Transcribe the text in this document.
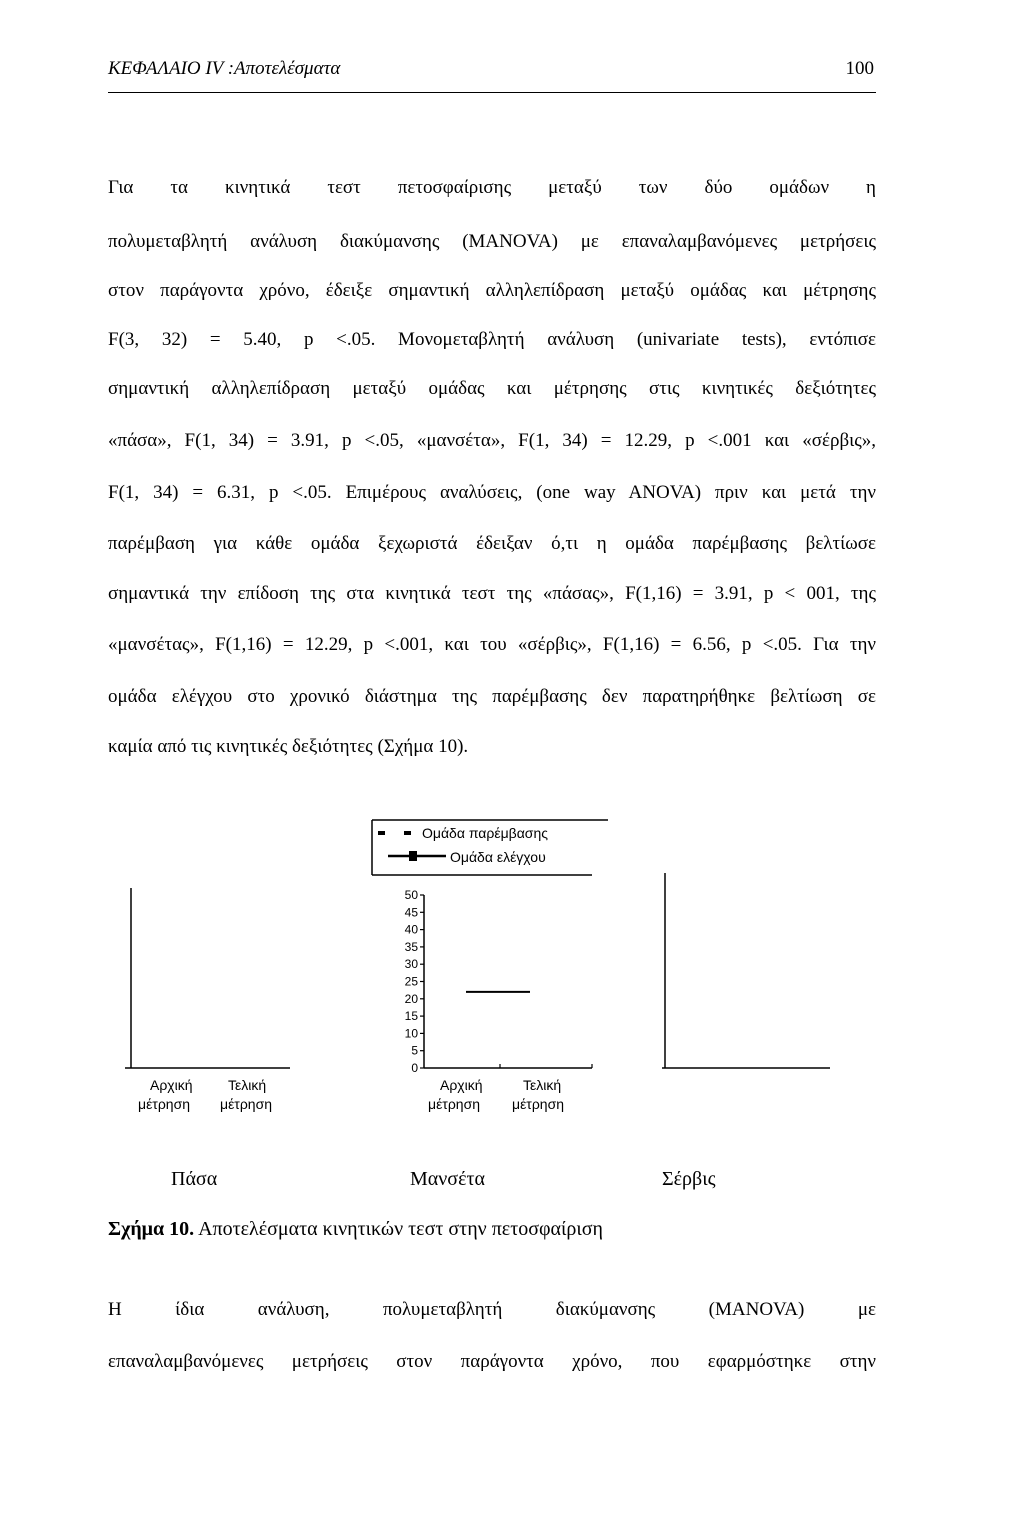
ΚΕΦΑΛΑΙΟ IV :Αποτελέσματα	100
Για τα κινητικά τεστ πετοσφαίρισης μεταξύ των δύο ομάδων η
πολυμεταβλητή ανάλυση διακύμανσης (MANOVA) με επαναλαμβανόμενες μετρήσεις
στον παράγοντα χρόνο, έδειξε σημαντική αλληλεπίδραση μεταξύ ομάδας και μέτρησης
F(3, 32) = 5.40, p <.05. Μονομεταβλητή ανάλυση (univariate tests), εντόπισε
σημαντική αλληλεπίδραση μεταξύ ομάδας και μέτρησης στις κινητικές δεξιότητες
«πάσα», F(1, 34) = 3.91, p <.05, «μανσέτα», F(1, 34) = 12.29, p <.001 και «σέρβις»,
F(1, 34) = 6.31, p <.05. Επιμέρους αναλύσεις, (one way ANOVA) πριν και μετά την
παρέμβαση για κάθε ομάδα ξεχωριστά έδειξαν ό,τι η ομάδα παρέμβασης βελτίωσε
σημαντικά την επίδοση της στα κινητικά τεστ της «πάσας», F(1,16) = 3.91, p < 001, της
«μανσέτας», F(1,16) = 12.29, p <.001, και του «σέρβις», F(1,16) = 6.56, p <.05. Για την
ομάδα ελέγχου στο χρονικό διάστημα της παρέμβασης δεν παρατηρήθηκε βελτίωση σε
καμία από τις κινητικές δεξιότητες (Σχήμα 10).
Ομάδα παρέμβασης
Ομάδα ελέγχου
Αρχική
μέτρηση
Τελική
μέτρηση
0
5
10
15
20
25
30
35
40
45
50
Αρχική
μέτρηση
Τελική
μέτρηση
Πάσα	Μανσέτα	Σέρβις
Σχήμα 10. Αποτελέσματα κινητικών τεστ στην πετοσφαίριση
Η ίδια ανάλυση, πολυμεταβλητή διακύμανσης (MANOVA) με
επαναλαμβανόμενες μετρήσεις στον παράγοντα χρόνο, που εφαρμόστηκε στην
